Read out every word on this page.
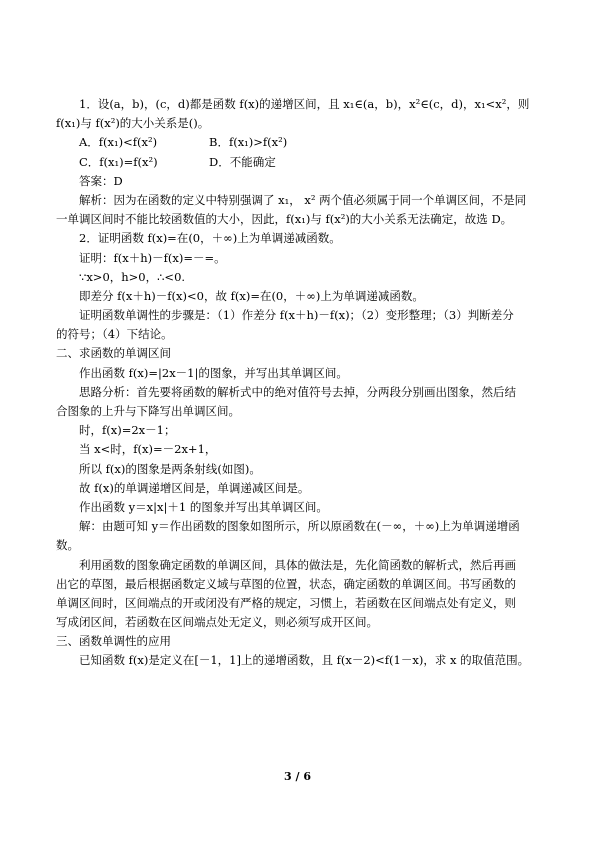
1．设(a，b)，(c，d)都是函数 f(x)的递增区间，且 x₁∈(a，b)，x²∈(c，d)，x₁<x²，则
f(x₁)与 f(x²)的大小关系是()。
A．f(x₁)<f(x²)	B．f(x₁)>f(x²)
C．f(x₁)=f(x²)	D．不能确定
答案：D
解析：因为在函数的定义中特别强调了 x₁， x² 两个值必须属于同一个单调区间，不是同
一单调区间时不能比较函数值的大小，因此，f(x₁)与 f(x²)的大小关系无法确定，故选 D。
2．证明函数 f(x)=在(0，＋∞)上为单调递减函数。
证明：f(x＋h)－f(x)=－=。
∵x>0，h>0，∴<0.
即差分 f(x＋h)－f(x)<0，故 f(x)=在(0，＋∞)上为单调递减函数。
证明函数单调性的步骤是：（1）作差分 f(x＋h)－f(x)；（2）变形整理；（3）判断差分
的符号；（4）下结论。
二、求函数的单调区间
作出函数 f(x)=|2x－1|的图象，并写出其单调区间。
思路分析：首先要将函数的解析式中的绝对值符号去掉，分两段分别画出图象，然后结
合图象的上升与下降写出单调区间。
时，f(x)=2x－1；
当 x<时，f(x)=－2x+1，
所以 f(x)的图象是两条射线(如图)。
故 f(x)的单调递增区间是，单调递减区间是。
作出函数 y＝x|x|＋1 的图象并写出其单调区间。
解：由题可知 y＝作出函数的图象如图所示，所以原函数在(－∞，＋∞)上为单调递增函
数。
利用函数的图象确定函数的单调区间，具体的做法是，先化简函数的解析式，然后再画
出它的草图，最后根据函数定义域与草图的位置，状态，确定函数的单调区间。书写函数的
单调区间时，区间端点的开或闭没有严格的规定，习惯上，若函数在区间端点处有定义，则
写成闭区间，若函数在区间端点处无定义，则必须写成开区间。
三、函数单调性的应用
已知函数 f(x)是定义在[－1，1]上的递增函数，且 f(x－2)<f(1－x)，求 x 的取值范围。
3 / 6
